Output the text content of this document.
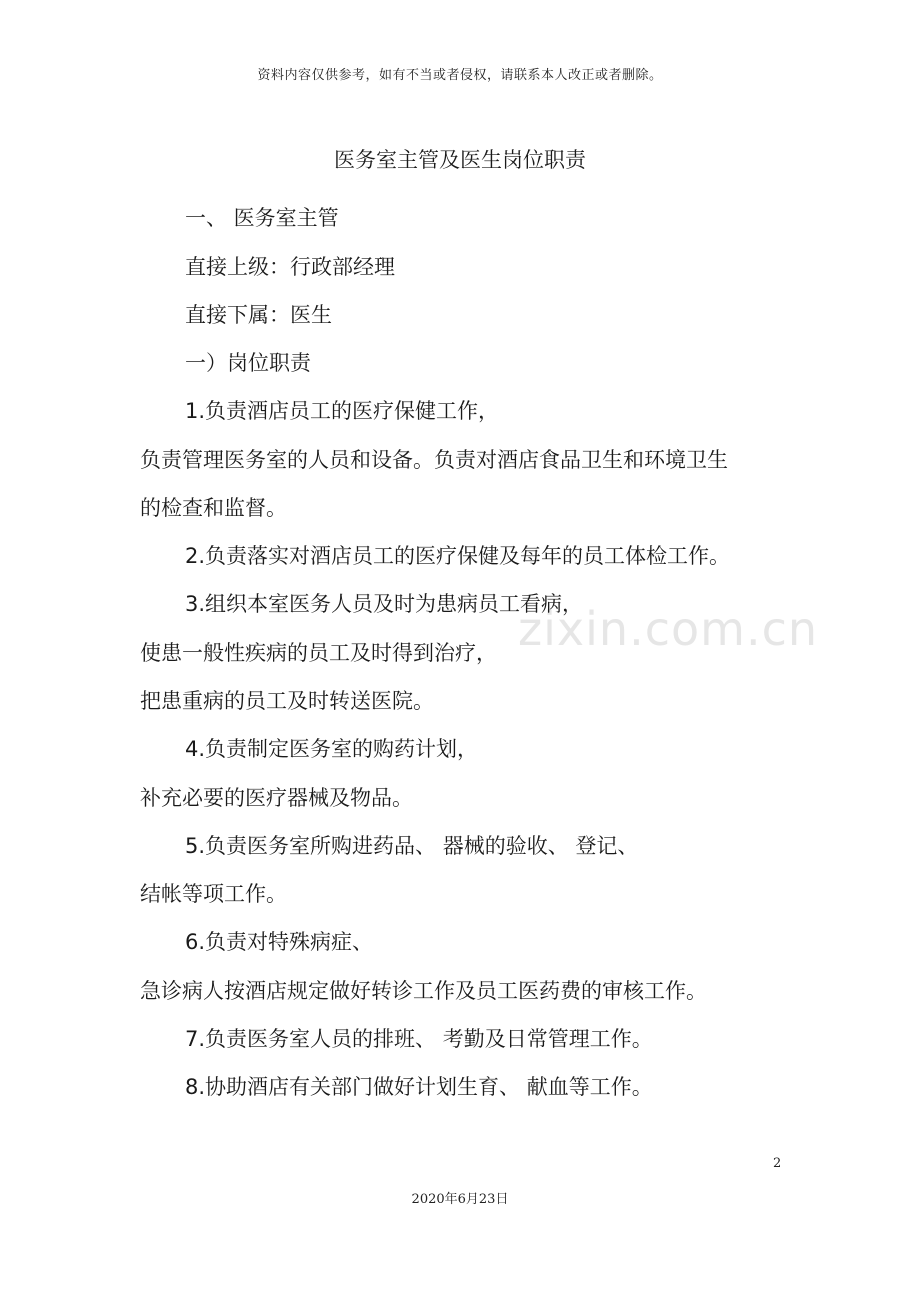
资料内容仅供参考，如有不当或者侵权，请联系本人改正或者删除。
医务室主管及医生岗位职责
zixin.com.cn
一、 医务室主管
直接上级：行政部经理
直接下属：医生
一）岗位职责
1.负责酒店员工的医疗保健工作，
负责管理医务室的人员和设备。负责对酒店食品卫生和环境卫生
的检查和监督。
2.负责落实对酒店员工的医疗保健及每年的员工体检工作。
3.组织本室医务人员及时为患病员工看病，
使患一般性疾病的员工及时得到治疗，
把患重病的员工及时转送医院。
4.负责制定医务室的购药计划，
补充必要的医疗器械及物品。
5.负责医务室所购进药品、 器械的验收、 登记、
结帐等项工作。
6.负责对特殊病症、
急诊病人按酒店规定做好转诊工作及员工医药费的审核工作。
7.负责医务室人员的排班、 考勤及日常管理工作。
8.协助酒店有关部门做好计划生育、 献血等工作。
2
2020年6月23日
